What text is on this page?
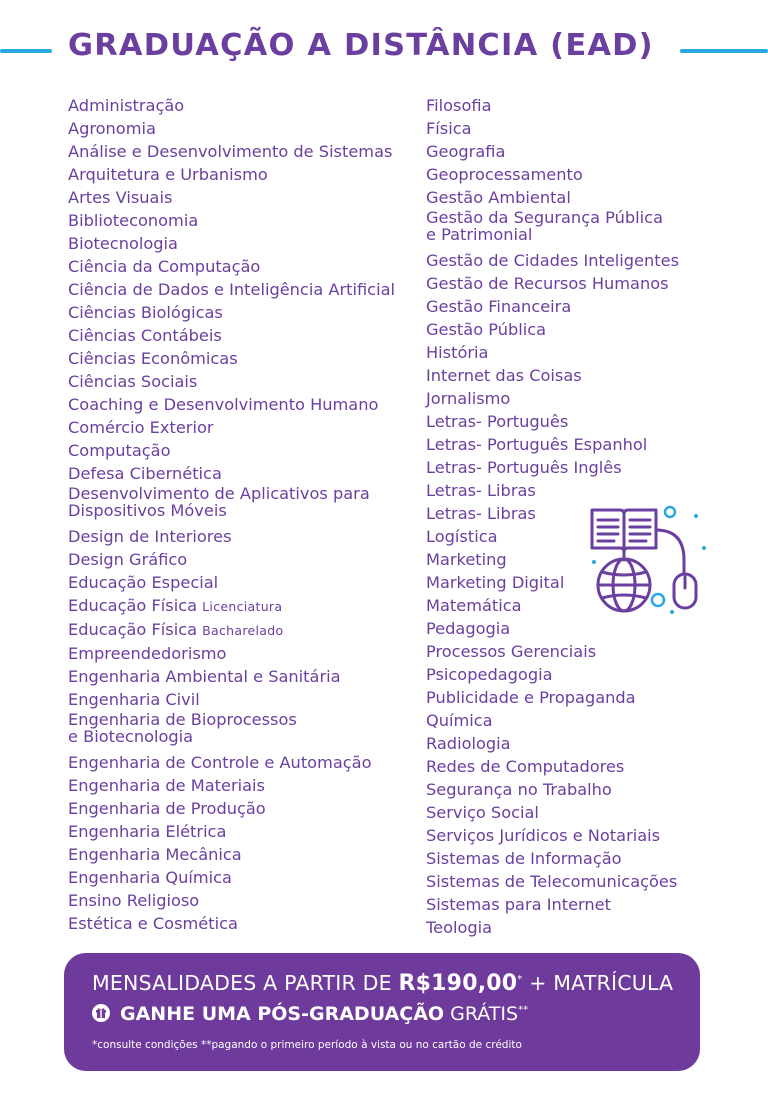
GRADUAÇÃO A DISTÂNCIA (EAD)
Administração
Agronomia
Análise e Desenvolvimento de Sistemas
Arquitetura e Urbanismo
Artes Visuais
Biblioteconomia
Biotecnologia
Ciência da Computação
Ciência de Dados e Inteligência Artificial
Ciências Biológicas
Ciências Contábeis
Ciências Econômicas
Ciências Sociais
Coaching e Desenvolvimento Humano
Comércio Exterior
Computação
Defesa Cibernética
Desenvolvimento de Aplicativos para
Dispositivos Móveis
Design de Interiores
Design Gráfico
Educação Especial
Educação Física Licenciatura
Educação Física Bacharelado
Empreendedorismo
Engenharia Ambiental e Sanitária
Engenharia Civil
Engenharia de Bioprocessos
e Biotecnologia
Engenharia de Controle e Automação
Engenharia de Materiais
Engenharia de Produção
Engenharia Elétrica
Engenharia Mecânica
Engenharia Química
Ensino Religioso
Estética e Cosmética
Filosofia
Física
Geografia
Geoprocessamento
Gestão Ambiental
Gestão da Segurança Pública
e Patrimonial
Gestão de Cidades Inteligentes
Gestão de Recursos Humanos
Gestão Financeira
Gestão Pública
História
Internet das Coisas
Jornalismo
Letras- Português
Letras- Português Espanhol
Letras- Português Inglês
Letras- Libras
Letras- Libras
Logística
Marketing
Marketing Digital
Matemática
Pedagogia
Processos Gerenciais
Psicopedagogia
Publicidade e Propaganda
Química
Radiologia
Redes de Computadores
Segurança no Trabalho
Serviço Social
Serviços Jurídicos e Notariais
Sistemas de Informação
Sistemas de Telecomunicações
Sistemas para Internet
Teologia
MENSALIDADES A PARTIR DE R$190,00* + MATRÍCULA
GANHE UMA PÓS-GRADUAÇÃO GRÁTIS**
*consulte condições **pagando o primeiro período à vista ou no cartão de crédito
